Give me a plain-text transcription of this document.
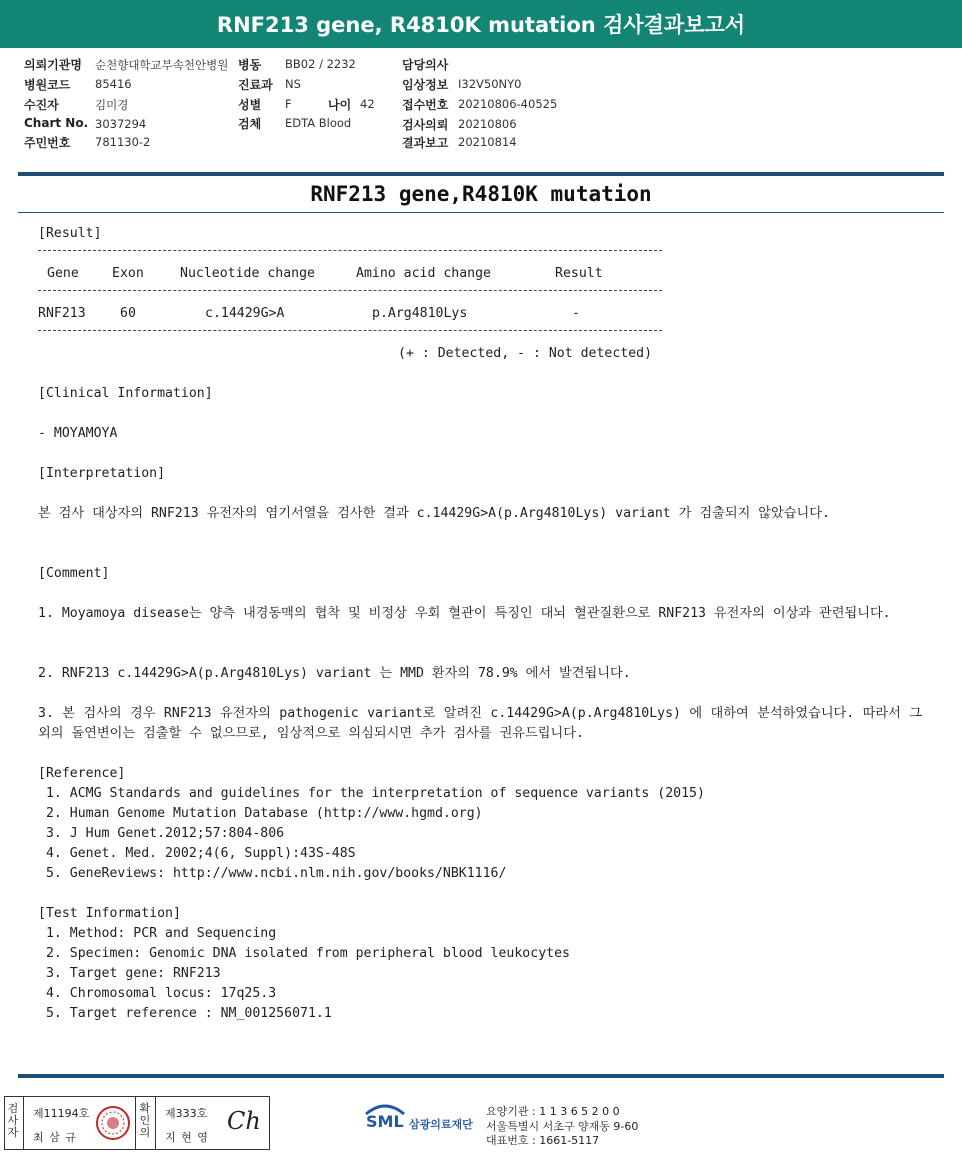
RNF213 gene, R4810K mutation 검사결과보고서
의뢰기관명 순천향대학교부속천안병원 병동 BB02 / 2232	담당의사
병원코드 85416	진료과 NS	임상정보 I32V50NY0
수진자	김미경	성별 F	나이 42 접수번호 20210806-40525
Chart No. 3037294	검체 EDTA Blood	검사의뢰 20210806
주민번호 781130-2	결과보고 20210814
RNF213 gene,R4810K mutation
[Result]
Gene	Exon	Nucleotide change	Amino acid change	Result
RNF213	60	c.14429G>A	p.Arg4810Lys	-
(+ : Detected, - : Not detected)
[Clinical Information]
- MOYAMOYA
[Interpretation]
본 검사 대상자의 RNF213 유전자의 염기서열을 검사한 결과 c.14429G>A(p.Arg4810Lys) variant 가 검출되지 않았습니다.
[Comment]
1. Moyamoya disease는 양측 내경동맥의 협착 및 비정상 우회 혈관이 특징인 대뇌 혈관질환으로 RNF213 유전자의 이상과 관련됩니다.
2. RNF213 c.14429G>A(p.Arg4810Lys) variant 는 MMD 환자의 78.9% 에서 발견됩니다.
3. 본 검사의 경우 RNF213 유전자의 pathogenic variant로 알려진 c.14429G>A(p.Arg4810Lys) 에 대하여 분석하였습니다. 따라서 그 외의 돌연변이는 검출할 수 없으므로, 임상적으로 의심되시면 추가 검사를 권유드립니다.
[Reference]
1. ACMG Standards and guidelines for the interpretation of sequence variants (2015)
2. Human Genome Mutation Database (http://www.hgmd.org)
3. J Hum Genet.2012;57:804-806
4. Genet. Med. 2002;4(6, Suppl):43S-48S
5. GeneReviews: http://www.ncbi.nlm.nih.gov/books/NBK1116/
[Test Information]
1. Method: PCR and Sequencing
2. Specimen: Genomic DNA isolated from peripheral blood leukocytes
3. Target gene: RNF213
4. Chromosomal locus: 17q25.3
5. Target reference : NM_001256071.1
검사자
제11194호
최 삼 규
확인의
제333호
지 현 영
Ch	SML 삼광의료재단
요양기관 : 1 1 3 6 5 2 0 0
서울특별시 서초구 양재동 9-60
대표번호 : 1661-5117
